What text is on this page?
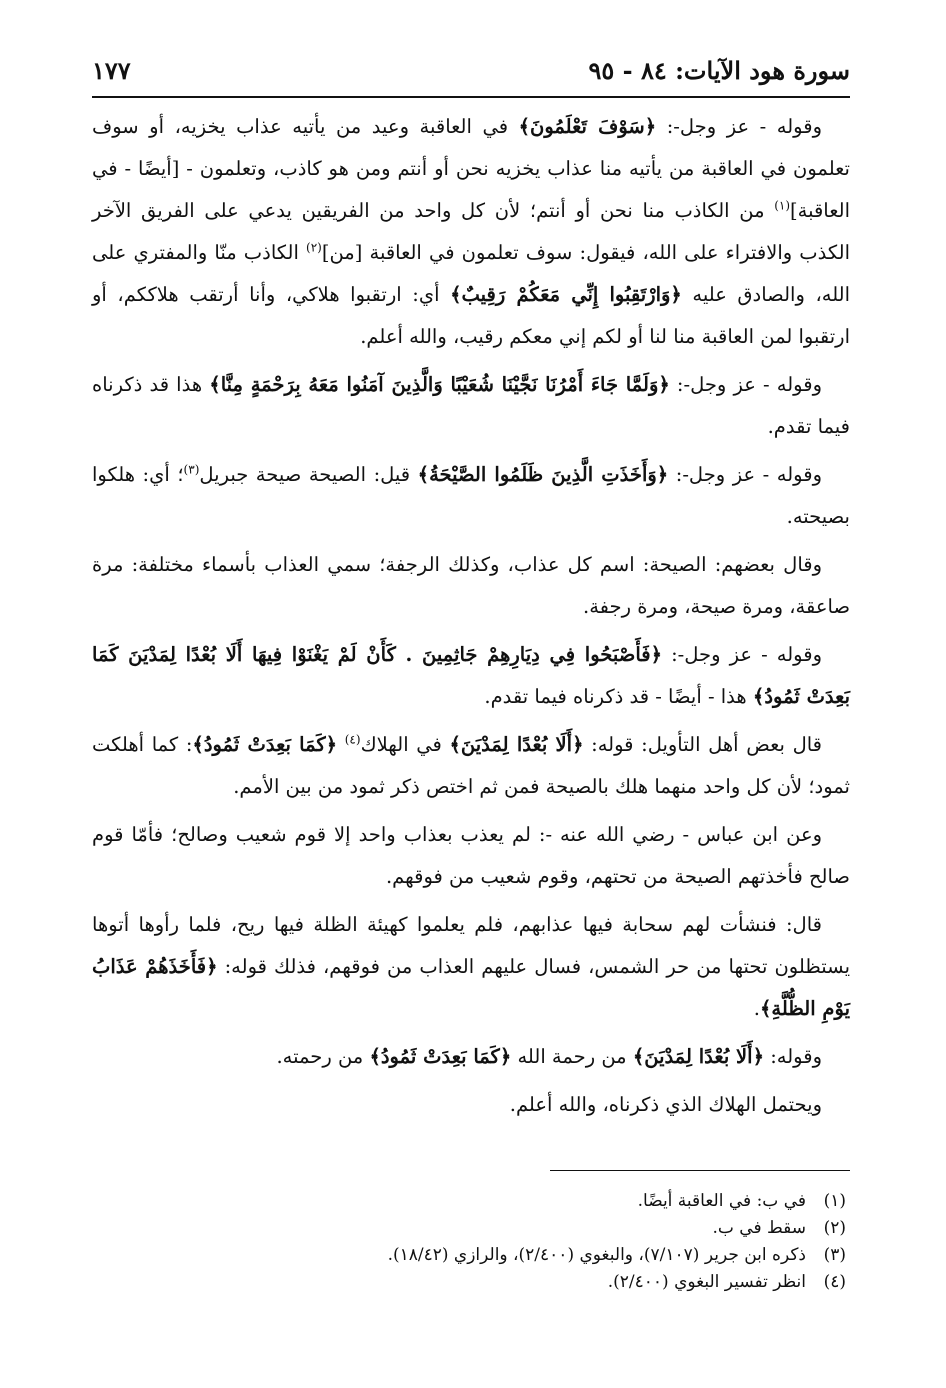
سورة هود الآيات: ٨٤ - ٩٥
١٧٧

وقوله - عز وجل-: ﴿سَوْفَ تَعْلَمُونَ﴾ في العاقبة وعيد من يأتيه عذاب يخزيه، أو سوف تعلمون في العاقبة من يأتيه منا عذاب يخزيه نحن أو أنتم ومن هو كاذب، وتعلمون - [أيضًا - في العاقبة]$^{(١)}$ من الكاذب منا نحن أو أنتم؛ لأن كل واحد من الفريقين يدعي على الفريق الآخر الكذب والافتراء على الله، فيقول: سوف تعلمون في العاقبة [من]$^{(٢)}$ الكاذب منّا والمفتري على الله، والصادق عليه ﴿وَارْتَقِبُوا إِنِّي مَعَكُمْ رَقِيبٌ﴾ أي: ارتقبوا هلاكي، وأنا أرتقب هلاككم، أو ارتقبوا لمن العاقبة منا لنا أو لكم إني معكم رقيب، والله أعلم.

وقوله - عز وجل-: ﴿وَلَمَّا جَاءَ أَمْرُنَا نَجَّيْنَا شُعَيْبًا وَالَّذِينَ آمَنُوا مَعَهُ بِرَحْمَةٍ مِنَّا﴾ هذا قد ذكرناه فيما تقدم.

وقوله - عز وجل-: ﴿وَأَخَذَتِ الَّذِينَ ظَلَمُوا الصَّيْحَةُ﴾ قيل: الصيحة صيحة جبريل$^{(٣)}$؛ أي: هلكوا بصيحته.

وقال بعضهم: الصيحة: اسم كل عذاب، وكذلك الرجفة؛ سمي العذاب بأسماء مختلفة: مرة صاعقة، ومرة صيحة، ومرة رجفة.

وقوله - عز وجل-: ﴿فَأَصْبَحُوا فِي دِيَارِهِمْ جَاثِمِينَ . كَأَنْ لَمْ يَغْنَوْا فِيهَا أَلَا بُعْدًا لِمَدْيَنَ كَمَا بَعِدَتْ ثَمُودُ﴾ هذا - أيضًا - قد ذكرناه فيما تقدم.

قال بعض أهل التأويل: قوله: ﴿أَلَا بُعْدًا لِمَدْيَنَ﴾ في الهلاك$^{(٤)}$ ﴿كَمَا بَعِدَتْ ثَمُودُ﴾: كما أهلكت ثمود؛ لأن كل واحد منهما هلك بالصيحة فمن ثم اختص ذكر ثمود من بين الأمم.

وعن ابن عباس - رضي الله عنه -: لم يعذب بعذاب واحد إلا قوم شعيب وصالح؛ فأمّا قوم صالح فأخذتهم الصيحة من تحتهم، وقوم شعيب من فوقهم.

قال: فنشأت لهم سحابة فيها عذابهم، فلم يعلموا كهيئة الظلة فيها ريح، فلما رأوها أتوها يستظلون تحتها من حر الشمس، فسال عليهم العذاب من فوقهم، فذلك قوله: ﴿فَأَخَذَهُمْ عَذَابُ يَوْمِ الظُّلَّةِ﴾.

وقوله: ﴿أَلَا بُعْدًا لِمَدْيَنَ﴾ من رحمة الله ﴿كَمَا بَعِدَتْ ثَمُودُ﴾ من رحمته.

ويحتمل الهلاك الذي ذكرناه، والله أعلم.

(١)
في ب: في العاقبة أيضًا.
(٢)
سقط في ب.
(٣)
ذكره ابن جرير (٧/١٠٧)، والبغوي (٢/٤٠٠)، والرازي (١٨/٤٢).
(٤)
انظر تفسير البغوي (٢/٤٠٠).
